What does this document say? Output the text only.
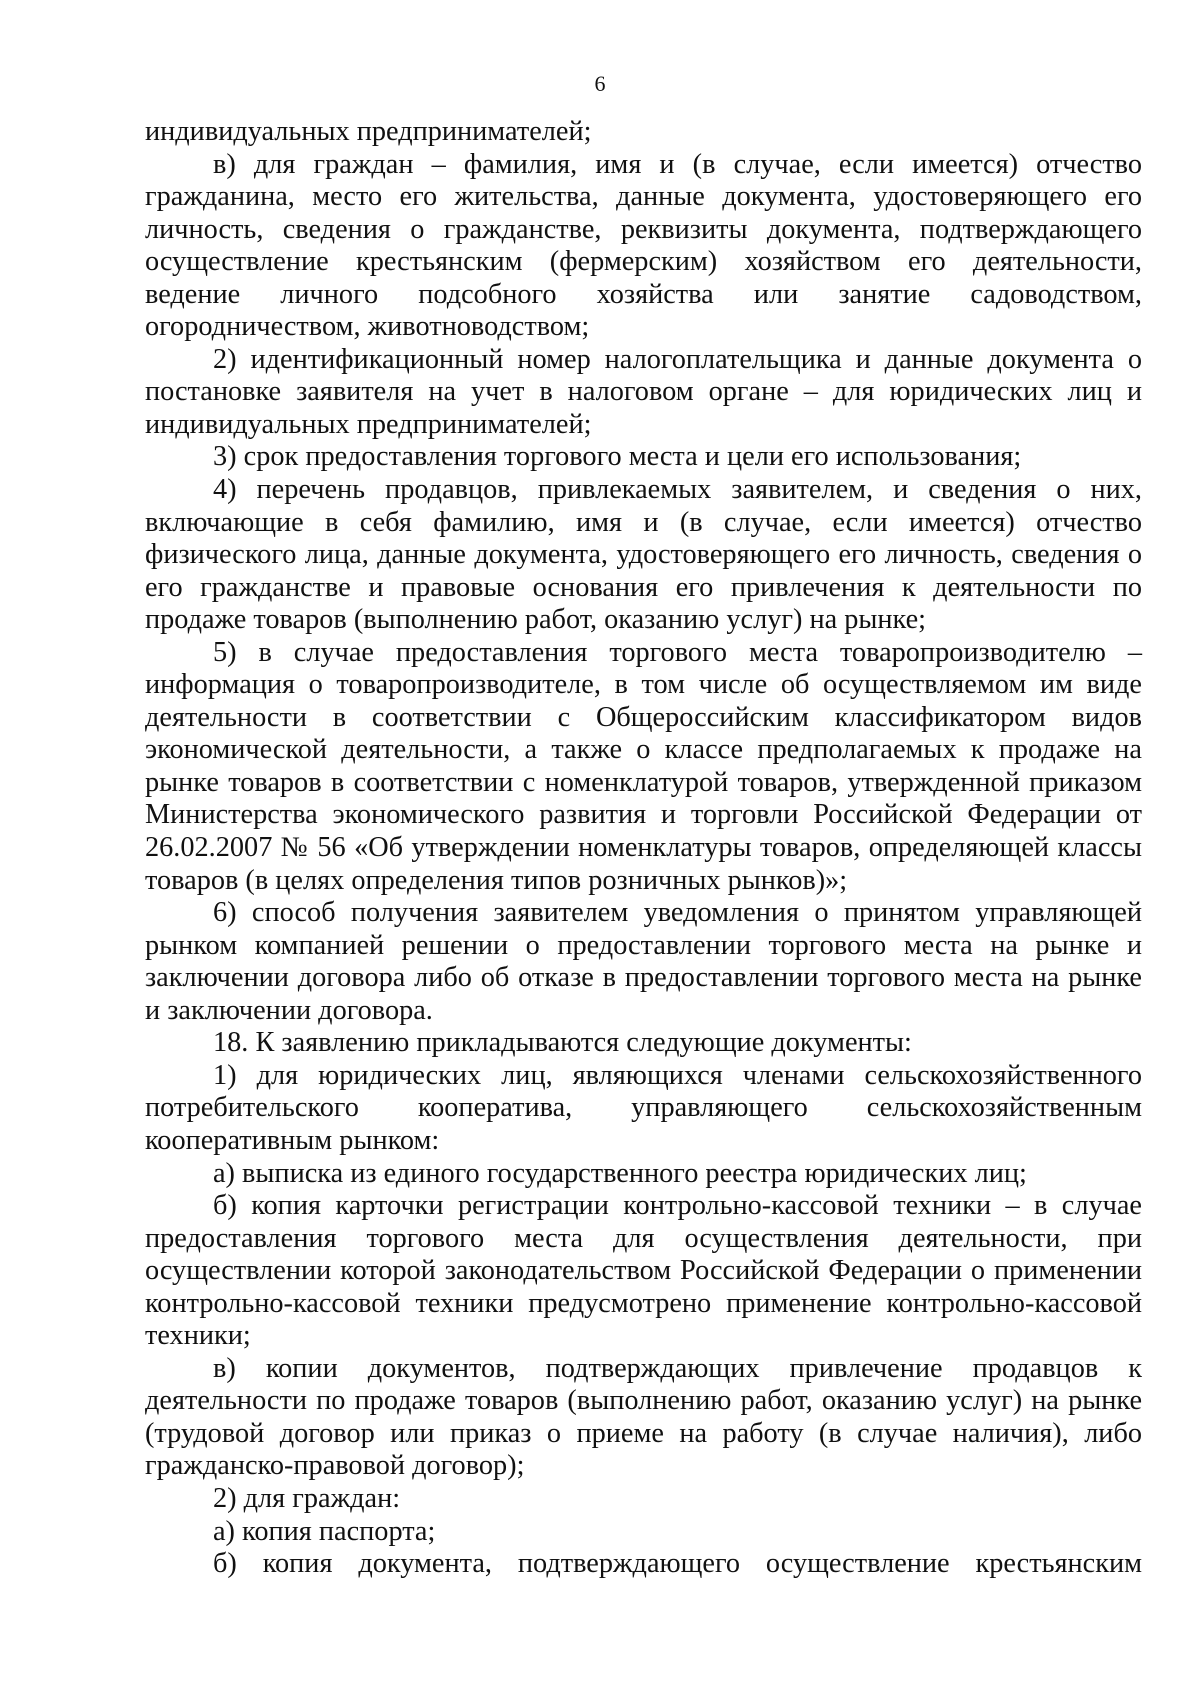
6

индивидуальных предпринимателей;

в) для граждан – фамилия, имя и (в случае, если имеется) отчество гражданина, место его жительства, данные документа, удостоверяющего его личность, сведения о гражданстве, реквизиты документа, подтверждающего осуществление крестьянским (фермерским) хозяйством его деятельности, ведение личного подсобного хозяйства или занятие садоводством, огородничеством, животноводством;

2) идентификационный номер налогоплательщика и данные документа о постановке заявителя на учет в налоговом органе – для юридических лиц и индивидуальных предпринимателей;

3) срок предоставления торгового места и цели его использования;

4) перечень продавцов, привлекаемых заявителем, и сведения о них, включающие в себя фамилию, имя и (в случае, если имеется) отчество физического лица, данные документа, удостоверяющего его личность, сведения о его гражданстве и правовые основания его привлечения к деятельности по продаже товаров (выполнению работ, оказанию услуг) на рынке;

5) в случае предоставления торгового места товаропроизводителю – информация о товаропроизводителе, в том числе об осуществляемом им виде деятельности в соответствии с Общероссийским классификатором видов экономической деятельности, а также о классе предполагаемых к продаже на рынке товаров в соответствии с номенклатурой товаров, утвержденной приказом Министерства экономического развития и торговли Российской Федерации от 26.02.2007 № 56 «Об утверждении номенклатуры товаров, определяющей классы товаров (в целях определения типов розничных рынков)»;

6) способ получения заявителем уведомления о принятом управляющей рынком компанией решении о предоставлении торгового места на рынке и заключении договора либо об отказе в предоставлении торгового места на рынке и заключении договора.

18. К заявлению прикладываются следующие документы:

1) для юридических лиц, являющихся членами сельскохозяйственного потребительского кооператива, управляющего сельскохозяйственным кооперативным рынком:

а) выписка из единого государственного реестра юридических лиц;

б) копия карточки регистрации контрольно-кассовой техники – в случае предоставления торгового места для осуществления деятельности, при осуществлении которой законодательством Российской Федерации о применении контрольно-кассовой техники предусмотрено применение контрольно-кассовой техники;

в) копии документов, подтверждающих привлечение продавцов к деятельности по продаже товаров (выполнению работ, оказанию услуг) на рынке (трудовой договор или приказ о приеме на работу (в случае наличия), либо гражданско-правовой договор);

2) для граждан:

а) копия паспорта;

б) копия документа, подтверждающего осуществление крестьянским
